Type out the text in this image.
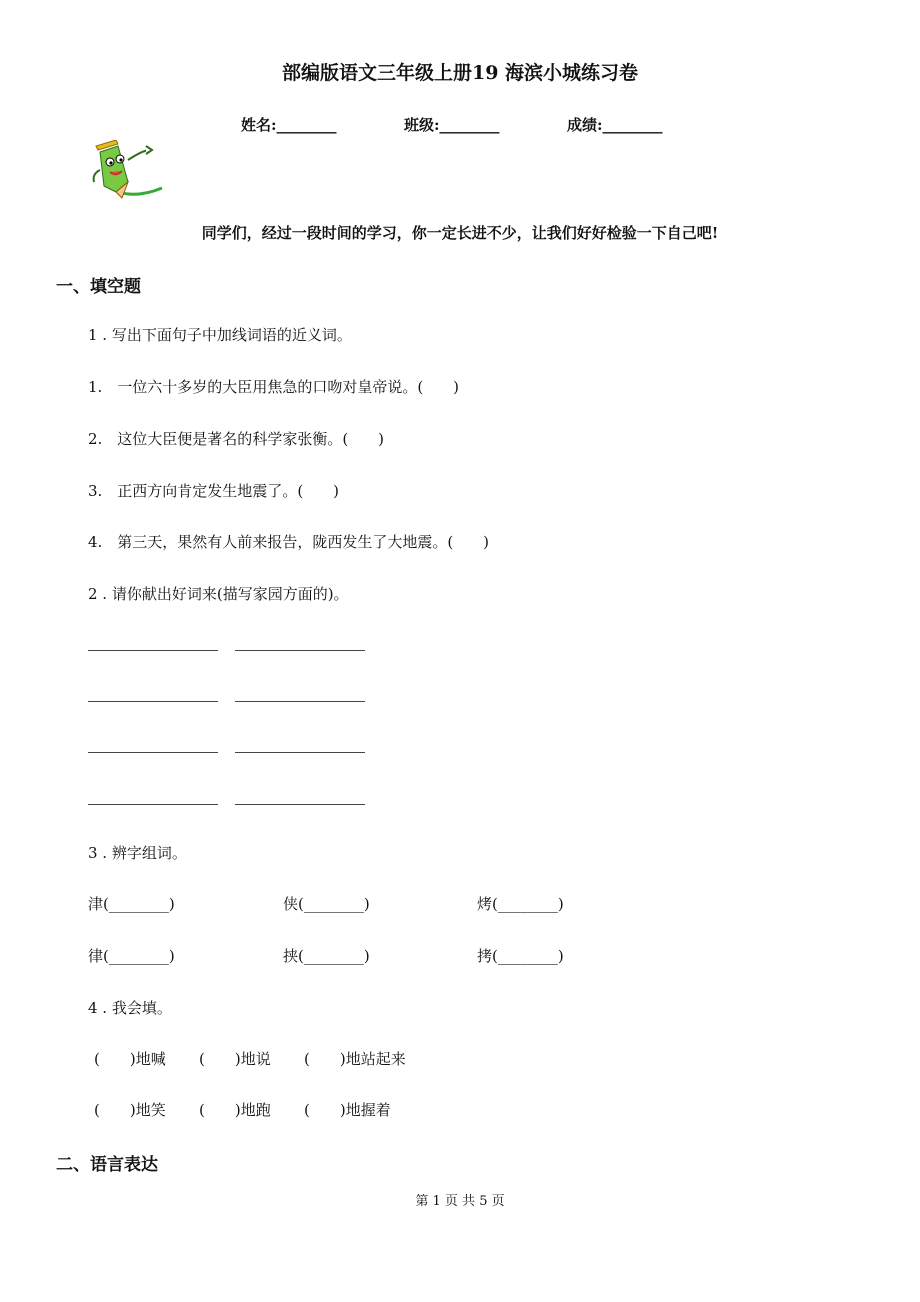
部编版语文三年级上册19 海滨小城练习卷
姓名:________	班级:________	成绩:________
同学们，经过一段时间的学习，你一定长进不少，让我们好好检验一下自己吧!
一、填空题
1 . 写出下面句子中加线词语的近义词。
1.　一位六十多岁的大臣用焦急的口吻对皇帝说。(　　)
2.　这位大臣便是著名的科学家张衡。(　　)
3.　正西方向肯定发生地震了。(　　)
4.　第三天，果然有人前来报告，陇西发生了大地震。(　　)
2 . 请你献出好词来(描写家园方面的)。
3 . 辨字组词。
津(________)	侠(________)	烤(________)
律(________)	挟(________)	拷(________)
4 . 我会填。
(　　)地喊 (　　)地说 (　　)地站起来
(　　)地笑 (　　)地跑 (　　)地握着
二、语言表达
第 1 页 共 5 页
